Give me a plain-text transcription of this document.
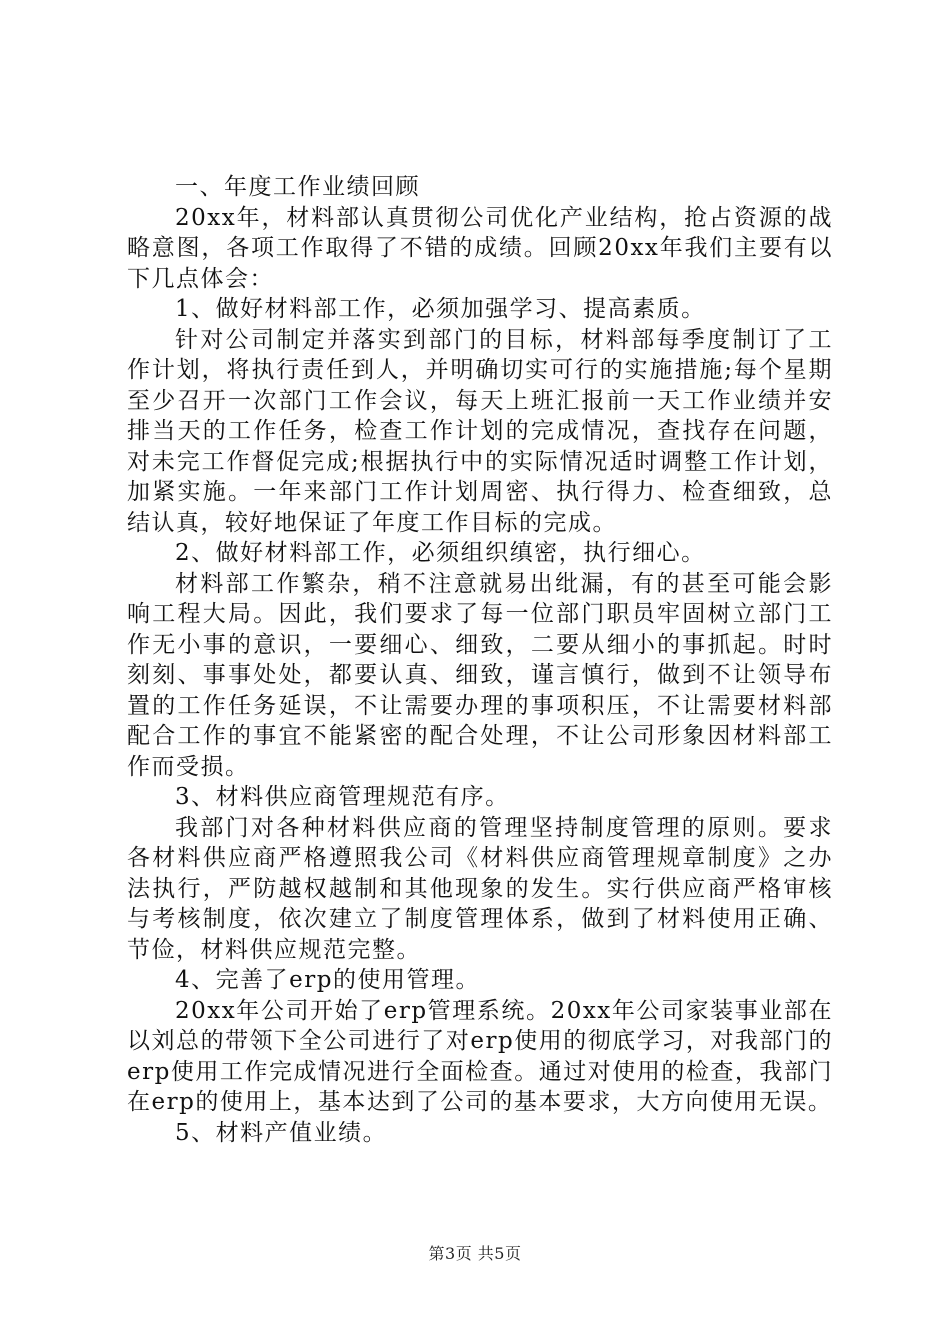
一、年度工作业绩回顾

20xx年，材料部认真贯彻公司优化产业结构，抢占资源的战略意图，各项工作取得了不错的成绩。回顾20xx年我们主要有以下几点体会：

1、做好材料部工作，必须加强学习、提高素质。

针对公司制定并落实到部门的目标，材料部每季度制订了工作计划，将执行责任到人，并明确切实可行的实施措施;每个星期至少召开一次部门工作会议，每天上班汇报前一天工作业绩并安排当天的工作任务，检查工作计划的完成情况，查找存在问题，对未完工作督促完成;根据执行中的实际情况适时调整工作计划，加紧实施。一年来部门工作计划周密、执行得力、检查细致，总结认真，较好地保证了年度工作目标的完成。

2、做好材料部工作，必须组织缜密，执行细心。

材料部工作繁杂，稍不注意就易出纰漏，有的甚至可能会影响工程大局。因此，我们要求了每一位部门职员牢固树立部门工作无小事的意识，一要细心、细致，二要从细小的事抓起。时时刻刻、事事处处，都要认真、细致，谨言慎行，做到不让领导布置的工作任务延误，不让需要办理的事项积压，不让需要材料部配合工作的事宜不能紧密的配合处理，不让公司形象因材料部工作而受损。

3、材料供应商管理规范有序。

我部门对各种材料供应商的管理坚持制度管理的原则。要求各材料供应商严格遵照我公司《材料供应商管理规章制度》之办法执行，严防越权越制和其他现象的发生。实行供应商严格审核与考核制度，依次建立了制度管理体系，做到了材料使用正确、节俭，材料供应规范完整。

4、完善了erp的使用管理。

20xx年公司开始了erp管理系统。20xx年公司家装事业部在以刘总的带领下全公司进行了对erp使用的彻底学习，对我部门的erp使用工作完成情况进行全面检查。通过对使用的检查，我部门在erp的使用上，基本达到了公司的基本要求，大方向使用无误。

5、材料产值业绩。

第3页 共5页
